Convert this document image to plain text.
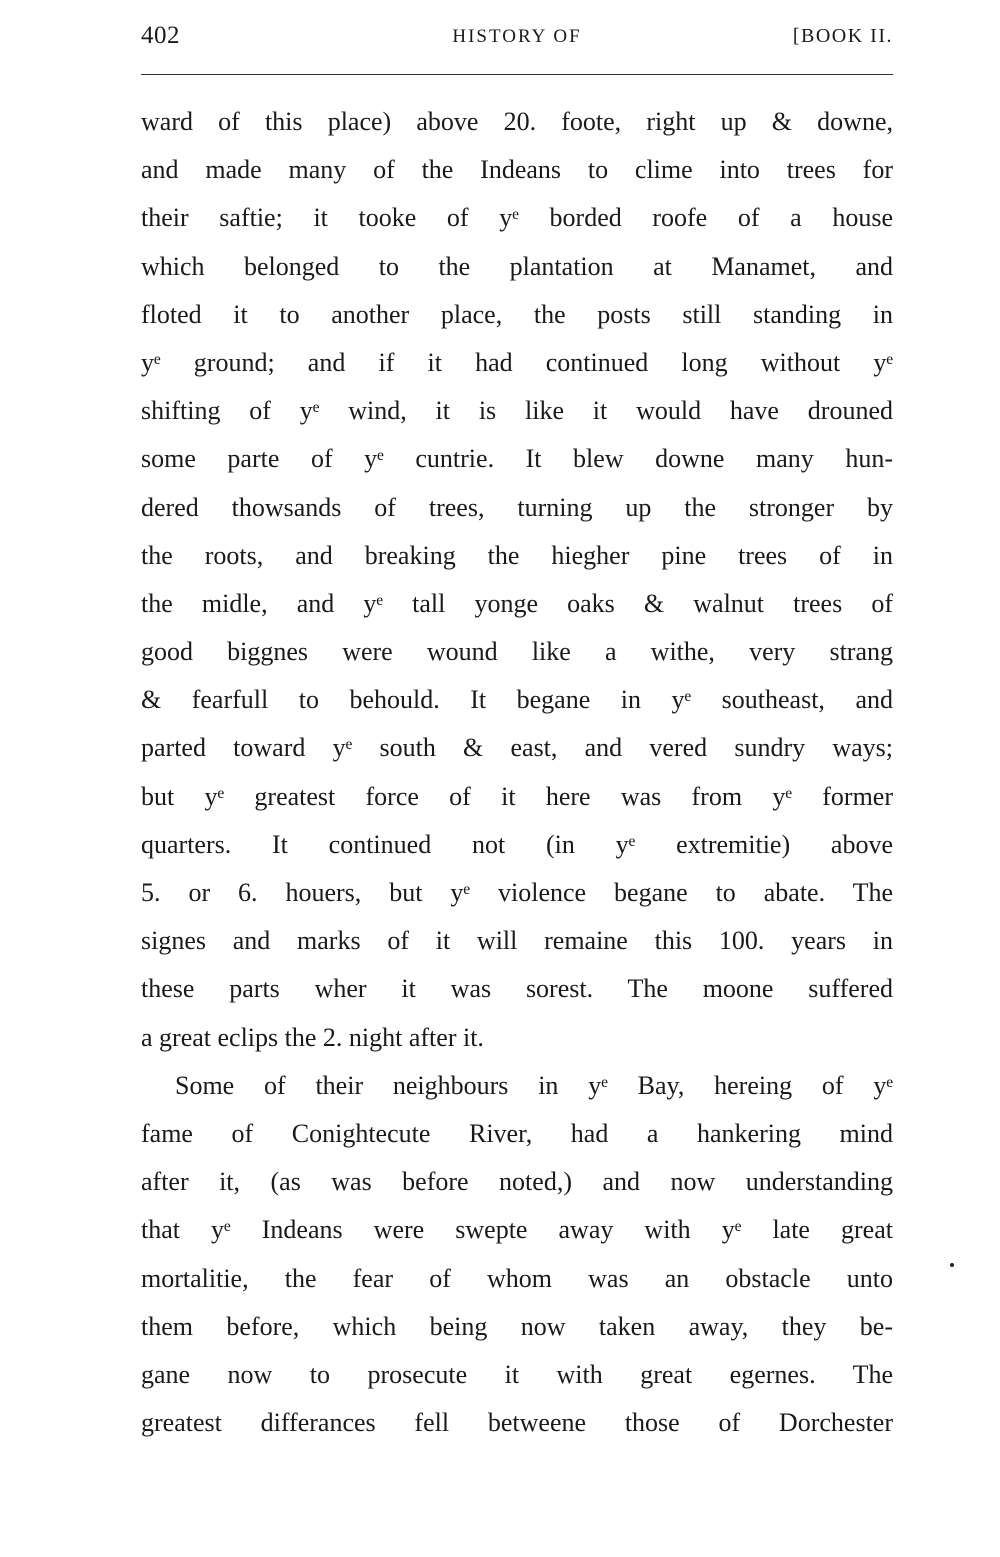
402	HISTORY OF	[BOOK II.
ward of this place) above 20. foote, right up & downe,
and made many of the Indeans to clime into trees for
their saftie; it tooke of yᵉ borded roofe of a house
which belonged to the plantation at Manamet, and
floted it to another place, the posts still standing in
yᵉ ground; and if it had continued long without yᵉ
shifting of yᵉ wind, it is like it would have drouned
some parte of yᵉ cuntrie. It blew downe many hun-
dered thowsands of trees, turning up the stronger by
the roots, and breaking the hiegher pine trees of in
the midle, and yᵉ tall yonge oaks & walnut trees of
good biggnes were wound like a withe, very strang
& fearfull to behould. It begane in yᵉ southeast, and
parted toward yᵉ south & east, and vered sundry ways;
but yᵉ greatest force of it here was from yᵉ former
quarters. It continued not (in yᵉ extremitie) above
5. or 6. houers, but yᵉ violence begane to abate. The
signes and marks of it will remaine this 100. years in
these parts wher it was sorest. The moone suffered
a great eclips the 2. night after it.
Some of their neighbours in yᵉ Bay, hereing of yᵉ
fame of Conightecute River, had a hankering mind
after it, (as was before noted,) and now understanding
that yᵉ Indeans were swepte away with yᵉ late great
mortalitie, the fear of whom was an obstacle unto
them before, which being now taken away, they be-
gane now to prosecute it with great egernes. The
greatest differances fell betweene those of Dorchester
